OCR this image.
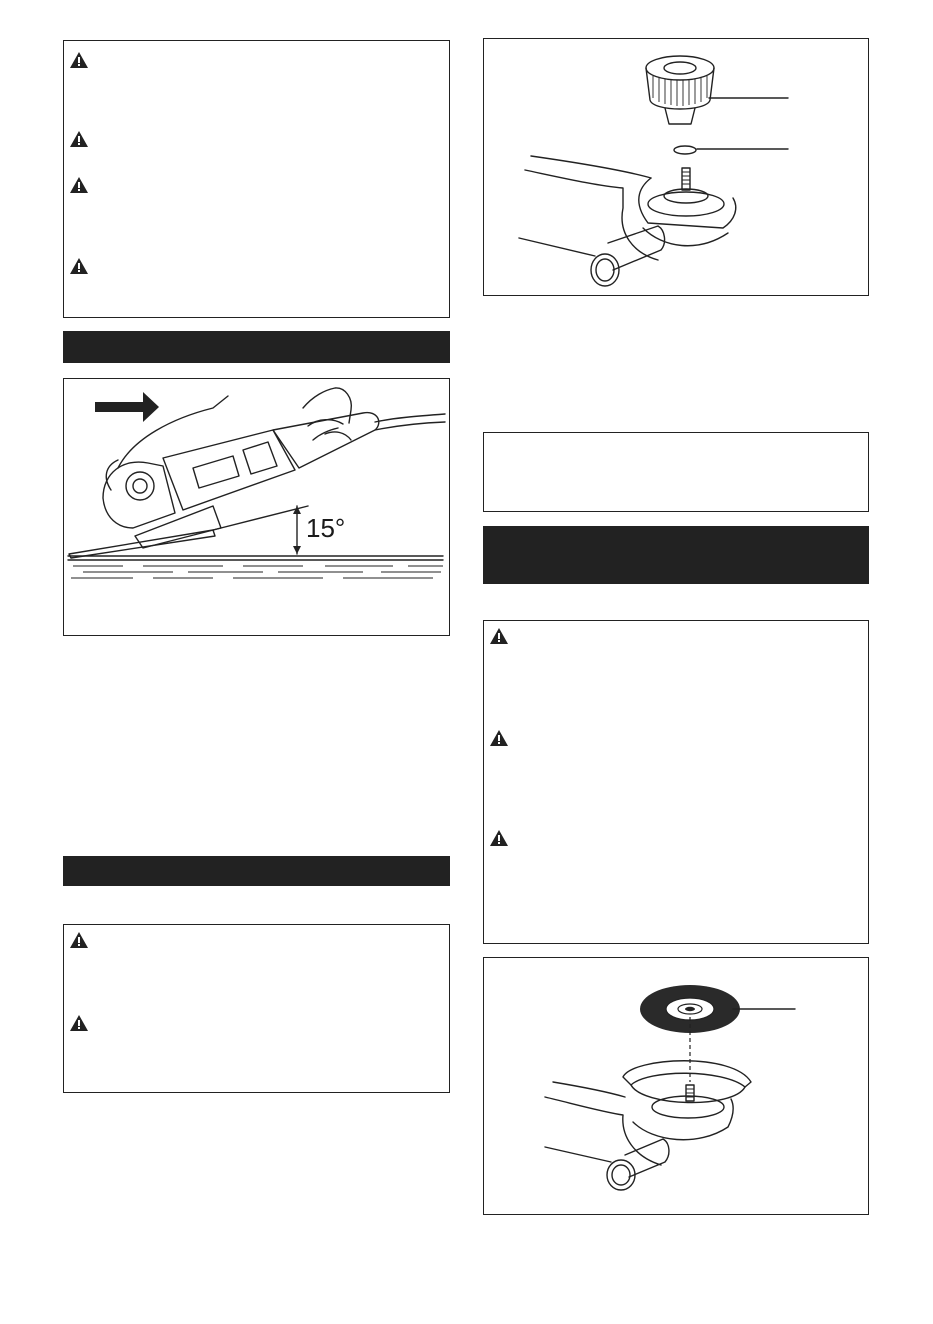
15°
